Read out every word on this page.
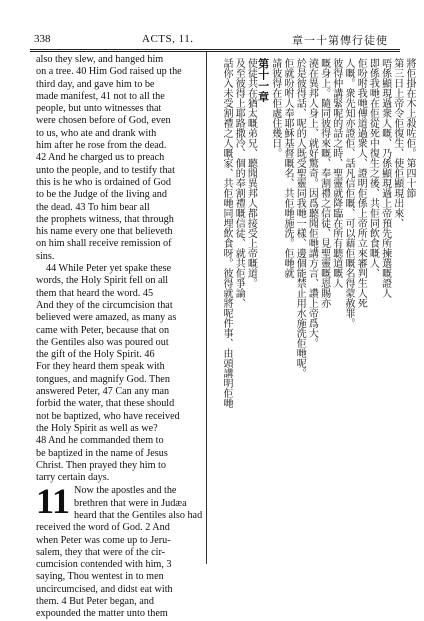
338	ACTS, 11.	章一十第傳行徒使
also they slew, and hanged him
on a tree. 40 Him God raised up the
third day, and gave him to be
made manifest, 41 not to all the
people, but unto witnesses that
were chosen before of God, even
to us, who ate and drank with
him after he rose from the dead.
42 And he charged us to preach
unto the people, and to testify that
this is he who is ordained of God
to be the Judge of the living and
the dead. 43 To him bear all
the prophets witness, that through
his name every one that believeth
on him shall receive remission of
sins.
44 While Peter yet spake these
words, the Holy Spirit fell on all
them that heard the word. 45
And they of the circumcision that
believed were amazed, as many as
came with Peter, because that on
the Gentiles also was poured out
the gift of the Holy Spirit. 46
For they heard them speak with
tongues, and magnify God. Then
answered Peter, 47 Can any man
forbid the water, that these should
not be baptized, who have received
the Holy Spirit as well as we?
48 And he commanded them to
be baptized in the name of Jesus
Christ. Then prayed they him to
tarry certain days.
11 Now the apostles and the
brethren that were in Judæa
heard that the Gentiles also had
received the word of God. 2 And
when Peter was come up to Jeru-
salem, they that were of the cir-
cumcision contended with him, 3
saying, Thou wentest in to men
uncircumcised, and didst eat with
them. 4 But Peter began, and
expounded the matter unto them
將佢掛在木上殺咗佢。第四十節
第三日上帝令佢復生、使佢顯現出來、
唔係顯現過衆人嘅、乃係顯現過上帝預先所揀選嘅證人
即係我哋在佢從死中復生之後、共佢同飲食嘅人、
佢吩咐我哋傳道過衆人、證明佢係上帝所立來審判生人死
人嘅。衆先知亦證佢、話凡信佢嘅、可以藉佢嘅名得蒙赦罪。
彼得仲講緊呢的話之時、聖靈就降臨在所有聽道嘅人
嘅身上。隨同彼得來嘅、奉割禮之信徒、見聖靈嘅恩賜亦
澆在異邦人身上、就好驚奇。因爲聽聞佢哋講方言、讚上帝爲大。
於是彼得話、呢的人既受聖靈同我哋一樣、邊個能禁止用水施洗佢哋呢。
佢就吩咐人奉耶穌基督嘅名、共佢哋施洗。佢哋就
請彼得在佢處住幾日。
第十一章
使徒共在猶太嘅弟兄、聽聞異邦人都接受上帝嘅道。
及至彼得上耶路撒冷、個的奉割禮嘅信徒、就共佢爭論、
話你入未受割禮之人嘅家、共佢哋同埋飲食呀。彼得就將呢件事、由頭講明佢哋
